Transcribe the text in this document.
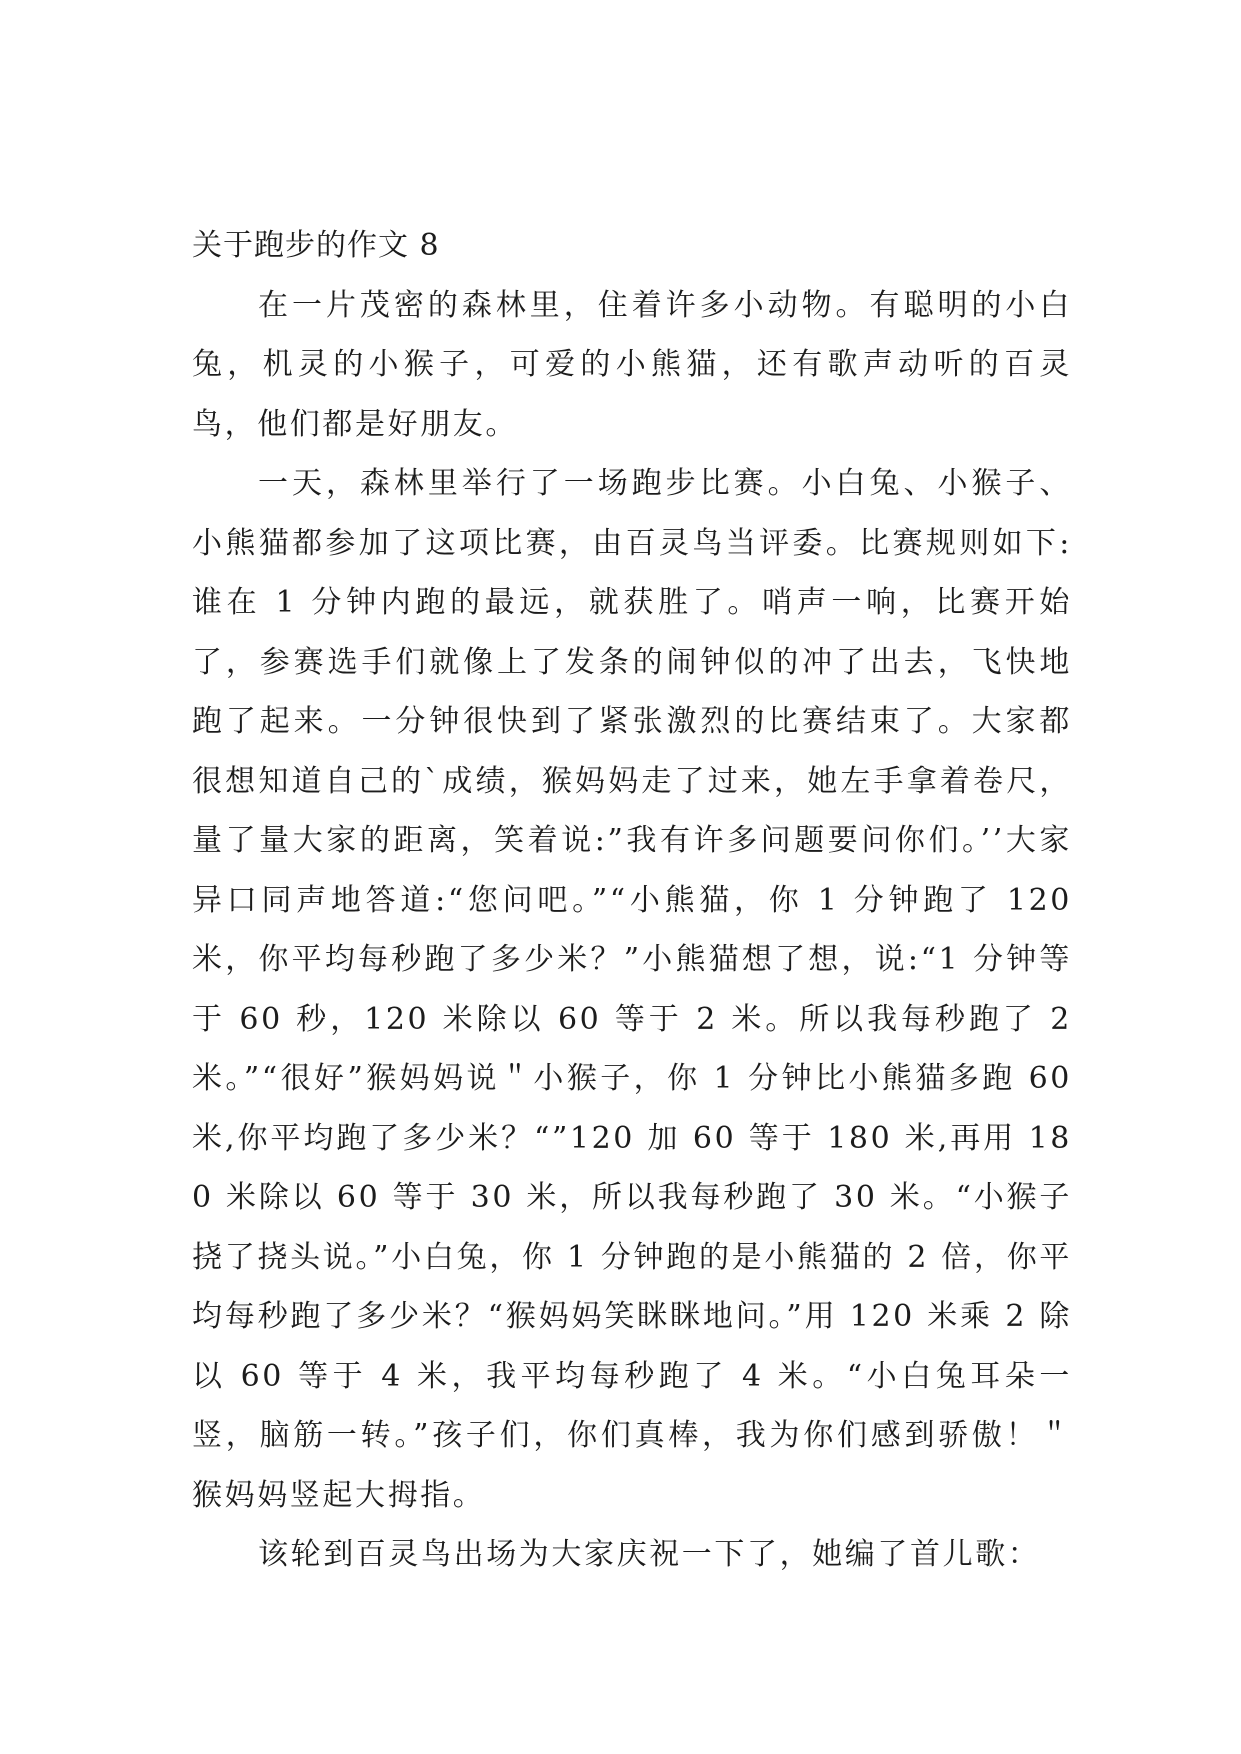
关于跑步的作文 8

在一片茂密的森林里，住着许多小动物。有聪明的小白兔，机灵的小猴子，可爱的小熊猫，还有歌声动听的百灵鸟，他们都是好朋友。

一天，森林里举行了一场跑步比赛。小白兔、小猴子、小熊猫都参加了这项比赛，由百灵鸟当评委。比赛规则如下:谁在 1 分钟内跑的最远，就获胜了。哨声一响，比赛开始了，参赛选手们就像上了发条的闹钟似的冲了出去，飞快地跑了起来。一分钟很快到了紧张激烈的比赛结束了。大家都很想知道自己的`成绩，猴妈妈走了过来，她左手拿着卷尺，量了量大家的距离，笑着说:”我有许多问题要问你们。’’大家异口同声地答道:“您问吧。”“小熊猫，你 1 分钟跑了 120 米，你平均每秒跑了多少米？”小熊猫想了想，说:“1 分钟等于 60 秒，120 米除以 60 等于 2 米。所以我每秒跑了 2 米。”“很好”猴妈妈说＂小猴子，你 1 分钟比小熊猫多跑 60 米,你平均跑了多少米？“”120 加 60 等于 180 米,再用 180 米除以 60 等于 30 米，所以我每秒跑了 30 米。“小猴子挠了挠头说。”小白兔，你 1 分钟跑的是小熊猫的 2 倍，你平均每秒跑了多少米？“猴妈妈笑眯眯地问。”用 120 米乘 2 除以 60 等于 4 米，我平均每秒跑了 4 米。“小白兔耳朵一竖，脑筋一转。”孩子们，你们真棒，我为你们感到骄傲！＂猴妈妈竖起大拇指。

该轮到百灵鸟出场为大家庆祝一下了，她编了首儿歌：
